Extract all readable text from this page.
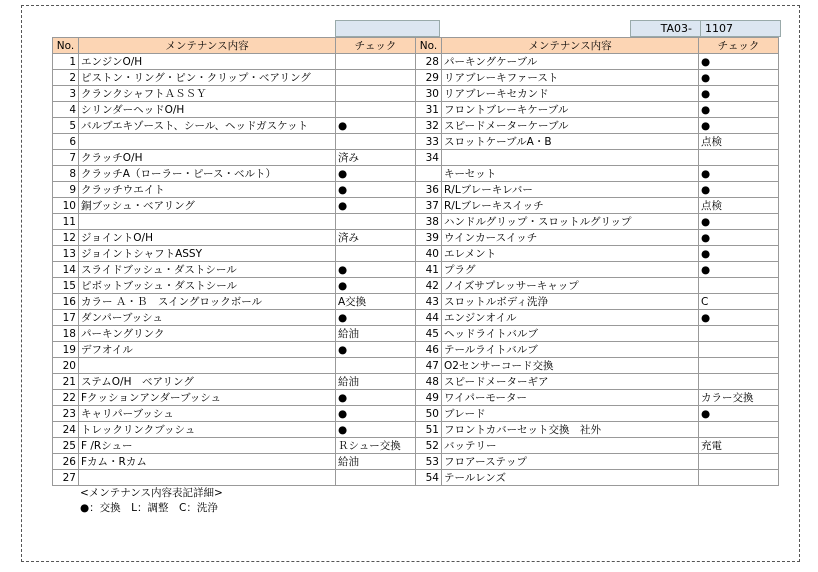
TA03-	1107
No.	メンテナンス内容	チェック	No.	メンテナンス内容	チェック
1	エンジンO/H		28	パーキングケーブル	●
2	ピストン・リング・ピン・クリップ・ベアリング		29	リアブレーキファースト	●
3	クランクシャフトＡＳＳＹ		30	リアブレーキセカンド	●
4	シリンダーヘッドO/H		31	フロントブレーキケーブル	●
5	バルブエキゾースト、シール、ヘッドガスケット	●	32	スピードメーターケーブル	●
6			33	スロットケーブルA・B	点検
7	クラッチO/H	済み	34		
8	クラッチA（ローラー・ピース・ベルト）	●		キーセット	●
9	クラッチウエイト	●	36	R/Lブレーキレバー	●
10	銅ブッシュ・ベアリング	●	37	R/Lブレーキスイッチ	点検
11			38	ハンドルグリップ・スロットルグリップ	●
12	ジョイントO/H	済み	39	ウインカースイッチ	●
13	ジョイントシャフトASSY		40	エレメント	●
14	スライドブッシュ・ダストシール	●	41	プラグ	●
15	ピボットブッシュ・ダストシール	●	42	ノイズサプレッサーキャップ	
16	カラー Ａ・Ｂ　スイングロックボール	A交換	43	スロットルボディ洗浄	C
17	ダンパーブッシュ	●	44	エンジンオイル	●
18	パーキングリンク	給油	45	ヘッドライトバルブ	
19	デフオイル	●	46	テールライトバルブ	
20			47	O2センサーコード交換	
21	ステムO/H　ベアリング	給油	48	スピードメーターギア	
22	Fクッションアンダーブッシュ	●	49	ワイパーモーター	カラー交換
23	キャリパーブッシュ	●	50	ブレード	●
24	トレックリンクブッシュ	●	51	フロントカバーセット交換　社外	
25	F /Rシュー	Ｒシュー交換	52	バッテリー	充電
26	Fカム・Rカム	給油	53	フロアーステップ	
27			54	テールレンズ	
<メンテナンス内容表記詳細>
●：交換　L：調整　C：洗浄
